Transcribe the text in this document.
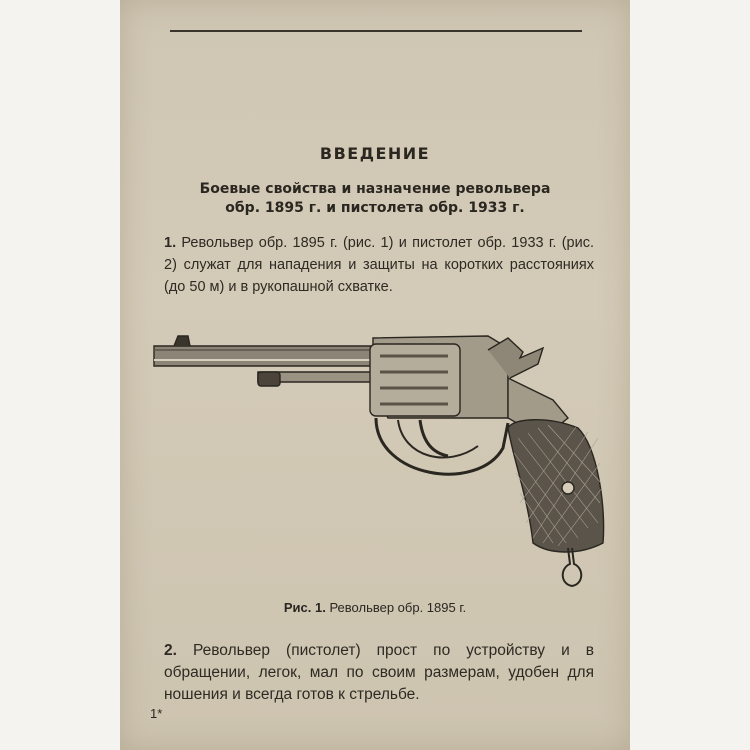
ВВЕДЕНИЕ
Боевые свойства и назначение револьвера
обр. 1895 г. и пистолета обр. 1933 г.
1. Револьвер обр. 1895 г. (рис. 1) и пистолет обр. 1933 г. (рис. 2) служат для нападения и защиты на коротких расстояниях (до 50 м) и в рукопашной схватке.
Рис. 1. Револьвер обр. 1895 г.
2. Револьвер (пистолет) прост по устройству и в обращении, легок, мал по своим размерам, удобен для ношения и всегда готов к стрельбе.
1*
